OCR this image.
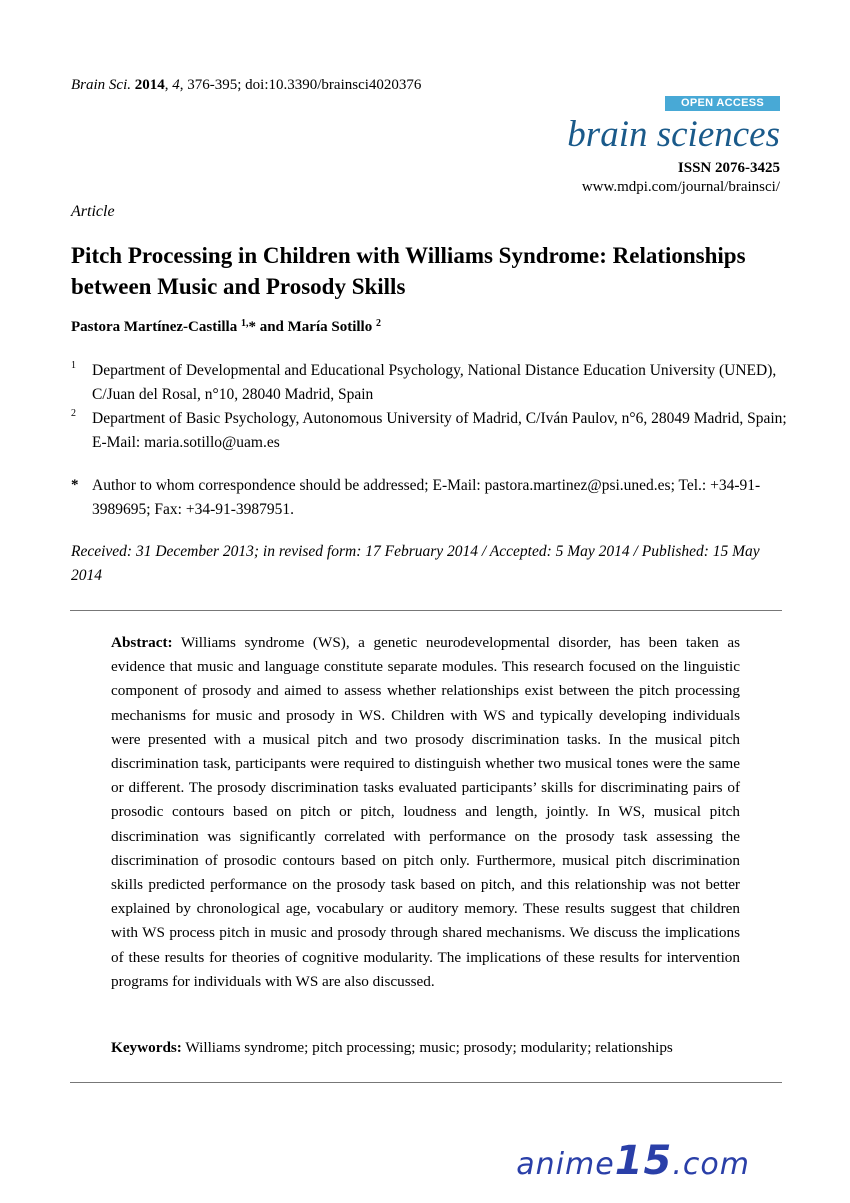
Brain Sci. 2014, 4, 376-395; doi:10.3390/brainsci4020376
OPEN ACCESS
brain sciences
ISSN 2076-3425
www.mdpi.com/journal/brainsci/
Article
Pitch Processing in Children with Williams Syndrome: Relationships between Music and Prosody Skills
Pastora Martínez-Castilla $^{1,}$* and María Sotillo $^2$
1 Department of Developmental and Educational Psychology, National Distance Education University (UNED), C/Juan del Rosal, n°10, 28040 Madrid, Spain
2 Department of Basic Psychology, Autonomous University of Madrid, C/Iván Paulov, n°6, 28049 Madrid, Spain; E-Mail: maria.sotillo@uam.es
* Author to whom correspondence should be addressed; E-Mail: pastora.martinez@psi.uned.es; Tel.: +34-91-3989695; Fax: +34-91-3987951.
Received: 31 December 2013; in revised form: 17 February 2014 / Accepted: 5 May 2014 / Published: 15 May 2014
Abstract: Williams syndrome (WS), a genetic neurodevelopmental disorder, has been taken as evidence that music and language constitute separate modules. This research focused on the linguistic component of prosody and aimed to assess whether relationships exist between the pitch processing mechanisms for music and prosody in WS. Children with WS and typically developing individuals were presented with a musical pitch and two prosody discrimination tasks. In the musical pitch discrimination task, participants were required to distinguish whether two musical tones were the same or different. The prosody discrimination tasks evaluated participants’ skills for discriminating pairs of prosodic contours based on pitch or pitch, loudness and length, jointly. In WS, musical pitch discrimination was significantly correlated with performance on the prosody task assessing the discrimination of prosodic contours based on pitch only. Furthermore, musical pitch discrimination skills predicted performance on the prosody task based on pitch, and this relationship was not better explained by chronological age, vocabulary or auditory memory. These results suggest that children with WS process pitch in music and prosody through shared mechanisms. We discuss the implications of these results for theories of cognitive modularity. The implications of these results for intervention programs for individuals with WS are also discussed.
Keywords: Williams syndrome; pitch processing; music; prosody; modularity; relationships
anime15.com
